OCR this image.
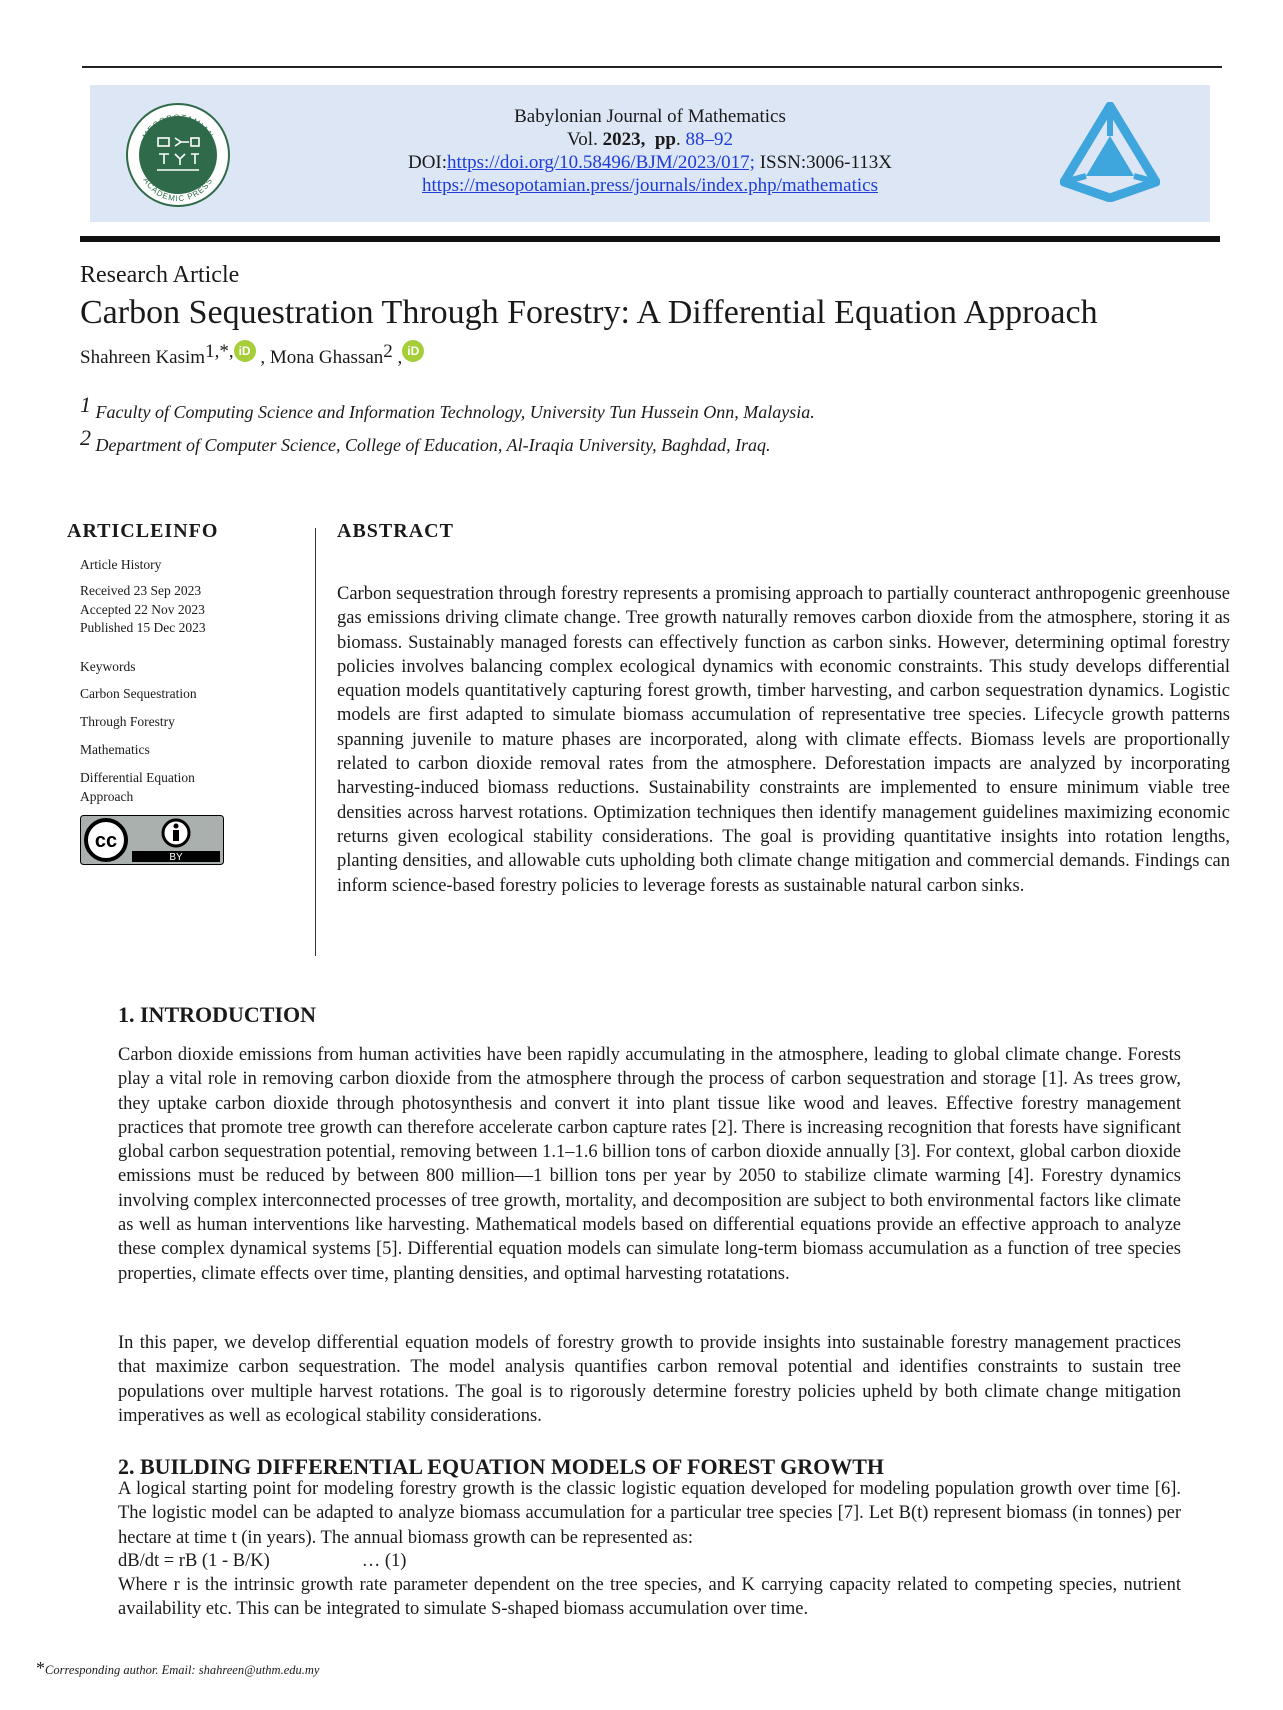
MESOPOTAMIAN
ACADEMIC PRESS
Babylonian Journal of Mathematics
Vol. 2023, pp. 88–92
DOI:https://doi.org/10.58496/BJM/2023/017; ISSN:3006-113X
https://mesopotamian.press/journals/index.php/mathematics
Research Article
Carbon Sequestration Through Forestry: A Differential Equation Approach
Shahreen Kasim$^{1,*,}$ iD , Mona Ghassan$^2$ , iD
$^1$ Faculty of Computing Science and Information Technology, University Tun Hussein Onn, Malaysia.
$^2$ Department of Computer Science, College of Education, Al-Iraqia University, Baghdad, Iraq.
ARTICLEINFO
Article History
Received 23 Sep 2023
Accepted 22 Nov 2023
Published 15 Dec 2023
Keywords
Carbon Sequestration
Through Forestry
Mathematics
Differential Equation Approach
cc
BY
ABSTRACT
Carbon sequestration through forestry represents a promising approach to partially counteract anthropogenic greenhouse gas emissions driving climate change. Tree growth naturally removes carbon dioxide from the atmosphere, storing it as biomass. Sustainably managed forests can effectively function as carbon sinks. However, determining optimal forestry policies involves balancing complex ecological dynamics with economic constraints. This study develops differential equation models quantitatively capturing forest growth, timber harvesting, and carbon sequestration dynamics. Logistic models are first adapted to simulate biomass accumulation of representative tree species. Lifecycle growth patterns spanning juvenile to mature phases are incorporated, along with climate effects. Biomass levels are proportionally related to carbon dioxide removal rates from the atmosphere. Deforestation impacts are analyzed by incorporating harvesting-induced biomass reductions. Sustainability constraints are implemented to ensure minimum viable tree densities across harvest rotations. Optimization techniques then identify management guidelines maximizing economic returns given ecological stability considerations. The goal is providing quantitative insights into rotation lengths, planting densities, and allowable cuts upholding both climate change mitigation and commercial demands. Findings can inform science-based forestry policies to leverage forests as sustainable natural carbon sinks.
1. INTRODUCTION
Carbon dioxide emissions from human activities have been rapidly accumulating in the atmosphere, leading to global climate change. Forests play a vital role in removing carbon dioxide from the atmosphere through the process of carbon sequestration and storage [1]. As trees grow, they uptake carbon dioxide through photosynthesis and convert it into plant tissue like wood and leaves. Effective forestry management practices that promote tree growth can therefore accelerate carbon capture rates [2]. There is increasing recognition that forests have significant global carbon sequestration potential, removing between 1.1–1.6 billion tons of carbon dioxide annually [3]. For context, global carbon dioxide emissions must be reduced by between 800 million—1 billion tons per year by 2050 to stabilize climate warming [4]. Forestry dynamics involving complex interconnected processes of tree growth, mortality, and decomposition are subject to both environmental factors like climate as well as human interventions like harvesting. Mathematical models based on differential equations provide an effective approach to analyze these complex dynamical systems [5]. Differential equation models can simulate long-term biomass accumulation as a function of tree species properties, climate effects over time, planting densities, and optimal harvesting rotatations.
In this paper, we develop differential equation models of forestry growth to provide insights into sustainable forestry management practices that maximize carbon sequestration. The model analysis quantifies carbon removal potential and identifies constraints to sustain tree populations over multiple harvest rotations. The goal is to rigorously determine forestry policies upheld by both climate change mitigation imperatives as well as ecological stability considerations.
2. BUILDING DIFFERENTIAL EQUATION MODELS OF FOREST GROWTH
A logical starting point for modeling forestry growth is the classic logistic equation developed for modeling population growth over time [6]. The logistic model can be adapted to analyze biomass accumulation for a particular tree species [7]. Let B(t) represent biomass (in tonnes) per hectare at time t (in years). The annual biomass growth can be represented as:
dB/dt = rB (1 - B/K)	… (1)
Where r is the intrinsic growth rate parameter dependent on the tree species, and K carrying capacity related to competing species, nutrient availability etc. This can be integrated to simulate S-shaped biomass accumulation over time.
*Corresponding author. Email: shahreen@uthm.edu.my
